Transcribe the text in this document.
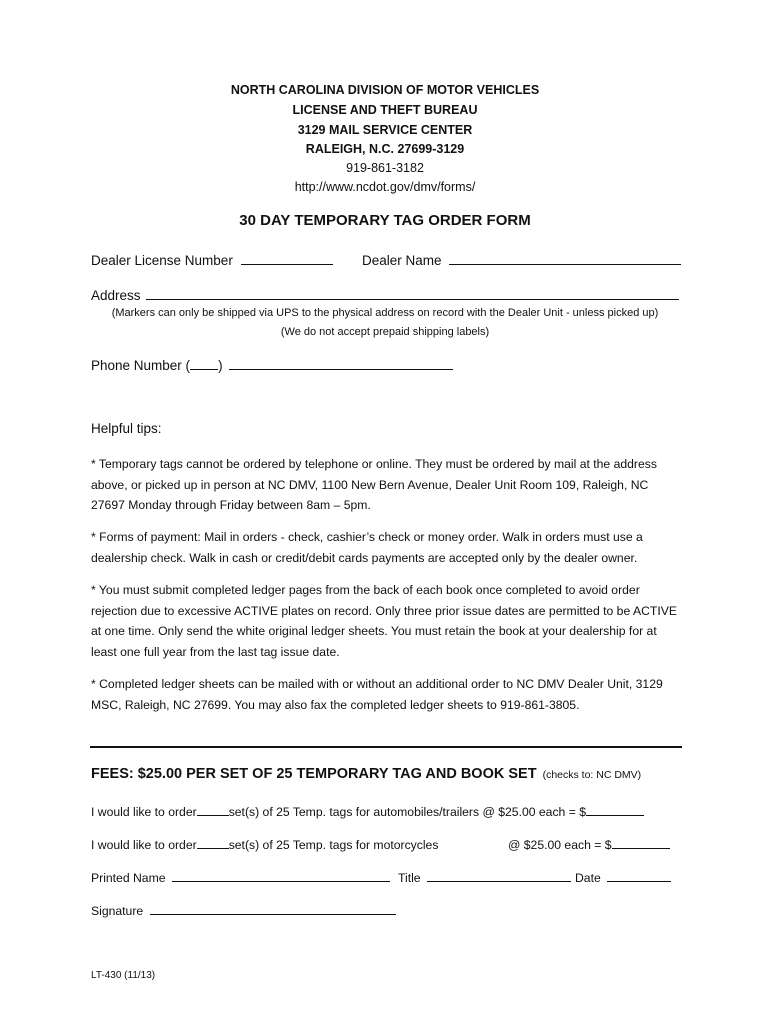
NORTH CAROLINA DIVISION OF MOTOR VEHICLES
LICENSE AND THEFT BUREAU
3129 MAIL SERVICE CENTER
RALEIGH, N.C. 27699-3129
919-861-3182
http://www.ncdot.gov/dmv/forms/
30 DAY TEMPORARY TAG ORDER FORM
Dealer License Number	Dealer Name
Address
(Markers can only be shipped via UPS to the physical address on record with the Dealer Unit - unless picked up)
(We do not accept prepaid shipping labels)
Phone Number ( )
Helpful tips:
* Temporary tags cannot be ordered by telephone or online. They must be ordered by mail at the address above, or picked up in person at NC DMV, 1100 New Bern Avenue, Dealer Unit Room 109, Raleigh, NC 27697 Monday through Friday between 8am – 5pm.
* Forms of payment: Mail in orders - check, cashier’s check or money order. Walk in orders must use a dealership check. Walk in cash or credit/debit cards payments are accepted only by the dealer owner.
* You must submit completed ledger pages from the back of each book once completed to avoid order rejection due to excessive ACTIVE plates on record. Only three prior issue dates are permitted to be ACTIVE at one time. Only send the white original ledger sheets. You must retain the book at your dealership for at least one full year from the last tag issue date.
* Completed ledger sheets can be mailed with or without an additional order to NC DMV Dealer Unit, 3129 MSC, Raleigh, NC 27699. You may also fax the completed ledger sheets to 919-861-3805.
FEES: $25.00 PER SET OF 25 TEMPORARY TAG AND BOOK SET (checks to: NC DMV)
I would like to order	set(s) of 25 Temp. tags for automobiles/trailers @ $25.00 each = $
I would like to order	set(s) of 25 Temp. tags for motorcycles	@ $25.00 each = $
Printed Name	Title	Date
Signature
LT-430 (11/13)
